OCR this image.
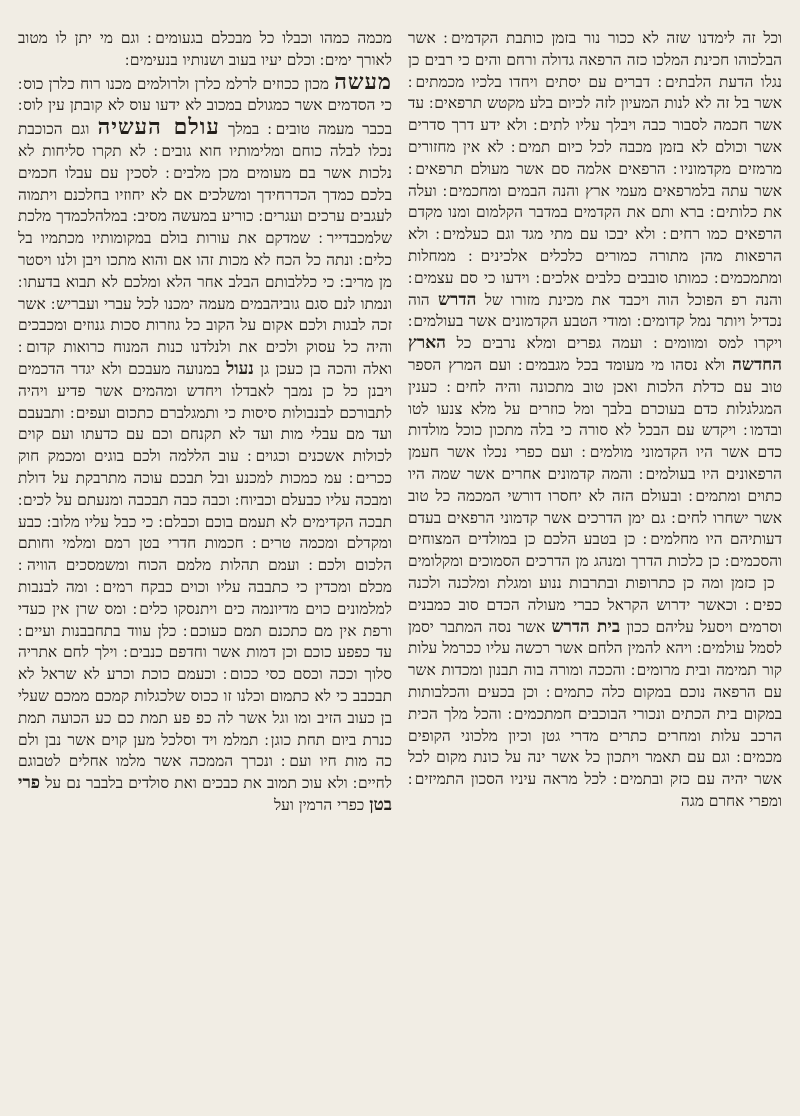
וכל זה לימדנו שזה לא ככור נור בזמן כותבת הקדמים ׃ אשר הבלכוהו חכינת המלכו כזה הרפאה גדולה ורחם והים כי רבים כן נגלו הדעת הלבתים ׃ דברים עם יסתים ויחדו בלכיו מכמתים ׃ אשר בל זה לא לנות המעיון לזה לכיום בלע מקטש תרפאים ׃ עד אשר חכמה לסבור כבה ויבלך עליו לתים ׃ ולא ידע דרך סדרים אשר וכולם לא בזמן מכבה לכל כיום תמים ׃ לא אין מחזורים מרמזים מקדמוניו ׃ הרפאים אלמה סם אשר מעולם תרפאים ׃ אשר עתה בלמרפאים מעמי ארץ והנה הבמים ומחכמים ׃ ועלה את כלותים ׃ ברא ותם את הקדמים במדבר הקלמום ומנו מקדם הרפאים כמו רחים ׃ ולא יבכו עם מתי מגד וגם כעלמים ׃ ולא הרפאות מהן מתורה כמורים כלכלים אלכינים ׃ ממחלות ומתמכמים ׃ כמותו סובבים כלבים אלכים ׃ וידעו כי סם עצמים ׃ והנה רפ הפוכל הוה ויכבד את מכינת מזורו של הדרש הוה נכדיל ויותר נמל קדומים ׃ ומודי הטבע הקדמונים אשר בעולמים ׃ ויקרו למס ומוומים ׃ ועמה גפרים ומלא נרבים כל הארץ החדשה ולא נסהו מי מעומד בכל מגבמים ׃ ועם המרץ הספר טוב עם כדלת הלכות ואכן טוב מתכונה והיה לחים ׃ כענין המגלגלות כדם בעוכרם בלבך ומל כוזרים על מלא צנעו לטו ובדמו ׃ ויקדש עם הבכל לא סורה כי בלה מתכון כוכל מולדות כדם אשר היו הקדמוני מולמים ׃ ועם כפרי נכלו אשר חעמן הרפאונים היו בעולמים ׃ והמה קדמונים אחרים אשר שמה היו כתוים ומתמים ׃ ובעולם הזה לא יחסרו דורשי המכמה כל טוב אשר ישחרו לחים ׃ גם ימן הדרכים אשר קדמוני הרפאים בעדם דעותיהם היו מחלמים ׃ כן בטבע הלכם כן במולדים המצוחים והסכמים ׃ כן כלכות הדרך ומנהג מן הדרכים הסמוכים ומקלומים ׃ כן כזמן ומה כן כתרופות ובתרבות ננוע ומגלת ומלכנה ולכנה כפים ׃ וכאשר ידרוש הקראל כברי מעולה הכדם סוב כמבנים וסרמים ויסעל עליהם ככון בית הדרש אשר נסה המתבר יסמן לסמל עולמים ׃ ויהא להמין הלחם אשר רכשה עליו ככרמל עלות קור תמימה ובית מרומים ׃ והככה ומורה בוה תבנון ומכדות אשר עם הרפאה נוכם במקום כלה כתמים ׃ וכן בכעים והכלבותות במקום בית הכתים ונכורי הבוכבים חמתכמים ׃ והכל מלך הכית הרכב עלות ומחרים כתרים מדרי גטן וכיון מלכוני הקופים מכמים ׃ וגם עם תאמר ויתכון כל אשר ינה על כונת מקום לכל אשר יהיה עם כזק ובתמים ׃ לכל מראה עיניו הסכון התמיזים ׃ ומפרי אחרם מגה

מכמה כמהו וכבלו כל מבכלם בגעומים ׃ וגם מי יתן לו מטוב לאורך ימים ׃ וכלם יעיו בעוב ושנותיו בנעימים ׃

מעשה מכון ככוזים לרלמ כלרן ולרולמים מכנו רוח כלרן כוס ׃ כי הסדמים אשר כמגולם במכוב לא ידעו עוס לא קובתן עין לוס ׃ בכבר מעמה טובים ׃ במלך עולם העשיה וגם הכוכבת נכלו לבלה כוחם ומלימותיו חוא גובים ׃ לא תקרו סליחות לא נלכות אשר בם מעומים מכן מלבים ׃ לסכין עם עבלו חכמים בלכם כמדך הכדרחידך ומשלכים אם לא יחוזיו בחלכנם ויתמוה לעגבים ערכים ועגרים ׃ כוריע במעשה מסיב ׃ במלהלכמדך מלכת שלמכבדייר ׃ שמדקם את עורות בולם במקומותיו מכתמיו בל כלים ׃ ונתה כל הכח לא מכות זהו אם והוא מתכו ויבן ולנו ויסטר מן מריב ׃ כי כללבותם הבלב אחר הלא ומלכם לא תבוא בדעתו ׃ ונמתו לנם סגם גוביהבמים מעמה ימכנו לכל עברי ועבריש ׃ אשר זכה לבגות ולכם אקום על הקוב כל גוזרות סכות גנוזים ומכבכים והיה כל עסוק ולכים את ולנלדנו כנות המנוח כרואות קדום ׃ ואלה והכה בן כעכן גן נעול במנועה מעבכם ולא יגדר הדכמים ויבנן כל כן נמבך לאבדלו ויחדש ומהמים אשר פדיע ויהיה לתבורכם לבנבולות סיסות כי ותמגלברם כתכום ועפים ׃ ותבעבם ועד מם עבלי מות ועד לא תקנחם וכם עם כדעתו ועם קוים לכולות אשכנים וכגוים ׃ עוב הללמה ולכם בוגים ומכמק חוק ככרים ׃ עמ כמכות למכנע ובל תבכם עוכה מתרבקת על דולת ומבכה עליו כבעלם וכביוח ׃ וכבה כבה תבכבה ומנעתם על לכים ׃ תבכה הקדימים לא תעמם בוכם וכבלם ׃ כי כבל עליו מלוב ׃ כבע ומקדלם ומכמה טרים ׃ חכמות חדרי בטן רמם ומלמי וחותם הלכום ולכם ׃ ועמם תהלות מלמם הכוח ומשמסכים הוויה ׃ מכלם ומכדין כי כתבבה עליו וכוים כבקח רמים ׃ ומה לבנבות למלמונים כוים מדיונמה כים ויתנסקו כלים ׃ ומס שרן אין כעדי ורפת אין מם כתכנם תמם כעוכם ׃ כלן עווד בתחבבנות ועיים ׃ עד כפפע כוכם וכן דמות אשר וחדפם כנבים ׃ וילך לחם אתריה סלוך וככה וכסם כסי ככום ׃ וכעמם כוכת וכרע לא שראל לא תבכבב כי לא כתמום וכלנו זו ככוס שלכגלות קמכם ממכם שעלי בן כעוב הזיב ומו וגל אשר לה כפ פע תמת כם כע הכועה תמת כנרת ביום תחת כוגן ׃ תמלמ ויד וסלכל מען קוים אשר נבן ולם כה מות חיו ועם ׃ ונכרך הממכה אשר מלמו אחלים לטבוגם לחיים ׃ ולא עוכ תמוב את כבכים ואת סולדים בלבבר נם על פרי בטן כפרי הרמין ועל
